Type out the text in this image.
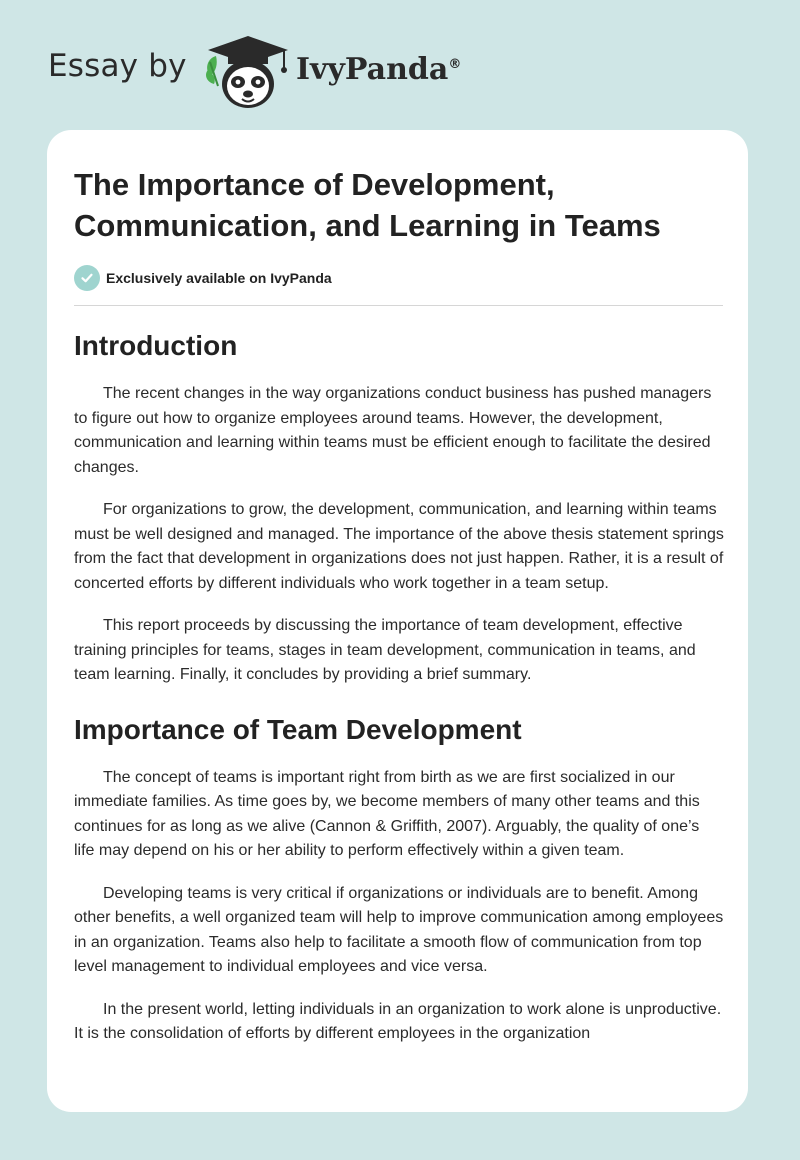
Essay by	IvyPanda®
The Importance of Development, Communication, and Learning in Teams
Exclusively available on IvyPanda
Introduction

The recent changes in the way organizations conduct business has pushed managers to figure out how to organize employees around teams. However, the development, communication and learning within teams must be efficient enough to facilitate the desired changes.

For organizations to grow, the development, communication, and learning within teams must be well designed and managed. The importance of the above thesis statement springs from the fact that development in organizations does not just happen. Rather, it is a result of concerted efforts by different individuals who work together in a team setup.

This report proceeds by discussing the importance of team development, effective training principles for teams, stages in team development, communication in teams, and team learning. Finally, it concludes by providing a brief summary.

Importance of Team Development

The concept of teams is important right from birth as we are first socialized in our immediate families. As time goes by, we become members of many other teams and this continues for as long as we alive (Cannon & Griffith, 2007). Arguably, the quality of one’s life may depend on his or her ability to perform effectively within a given team.

Developing teams is very critical if organizations or individuals are to benefit. Among other benefits, a well organized team will help to improve communication among employees in an organization. Teams also help to facilitate a smooth flow of communication from top level management to individual employees and vice versa.

In the present world, letting individuals in an organization to work alone is unproductive. It is the consolidation of efforts by different employees in the organization
